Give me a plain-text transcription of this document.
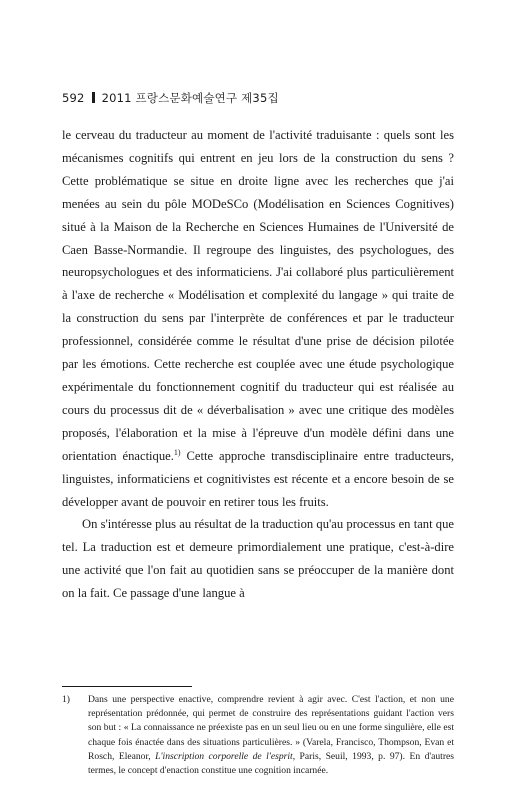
592 2011 프랑스문화예술연구 제35집

le cerveau du traducteur au moment de l'activité traduisante : quels sont les mécanismes cognitifs qui entrent en jeu lors de la construction du sens ? Cette problématique se situe en droite ligne avec les recherches que j'ai menées au sein du pôle MODeSCo (Modélisation en Sciences Cognitives) situé à la Maison de la Recherche en Sciences Humaines de l'Université de Caen Basse-Normandie. Il regroupe des linguistes, des psychologues, des neuropsychologues et des informaticiens. J'ai collaboré plus particulièrement à l'axe de recherche « Modélisation et complexité du langage » qui traite de la construction du sens par l'interprète de conférences et par le traducteur professionnel, considérée comme le résultat d'une prise de décision pilotée par les émotions. Cette recherche est couplée avec une étude psychologique expérimentale du fonctionnement cognitif du traducteur qui est réalisée au cours du processus dit de « déverbalisation » avec une critique des modèles proposés, l'élaboration et la mise à l'épreuve d'un modèle défini dans une orientation énactique.$^{1)}$ Cette approche transdisciplinaire entre traducteurs, linguistes, informaticiens et cognitivistes est récente et a encore besoin de se développer avant de pouvoir en retirer tous les fruits.

On s'intéresse plus au résultat de la traduction qu'au processus en tant que tel. La traduction est et demeure primordialement une pratique, c'est-à-dire une activité que l'on fait au quotidien sans se préoccuper de la manière dont on la fait. Ce passage d'une langue à

1) Dans une perspective enactive, comprendre revient à agir avec. C'est l'action, et non une représentation prédonnée, qui permet de construire des représentations guidant l'action vers son but : « La connaissance ne préexiste pas en un seul lieu ou en une forme singulière, elle est chaque fois énactée dans des situations particulières. » (Varela, Francisco, Thompson, Evan et Rosch, Eleanor, L'inscription corporelle de l'esprit, Paris, Seuil, 1993, p. 97). En d'autres termes, le concept d'enaction constitue une cognition incarnée.
